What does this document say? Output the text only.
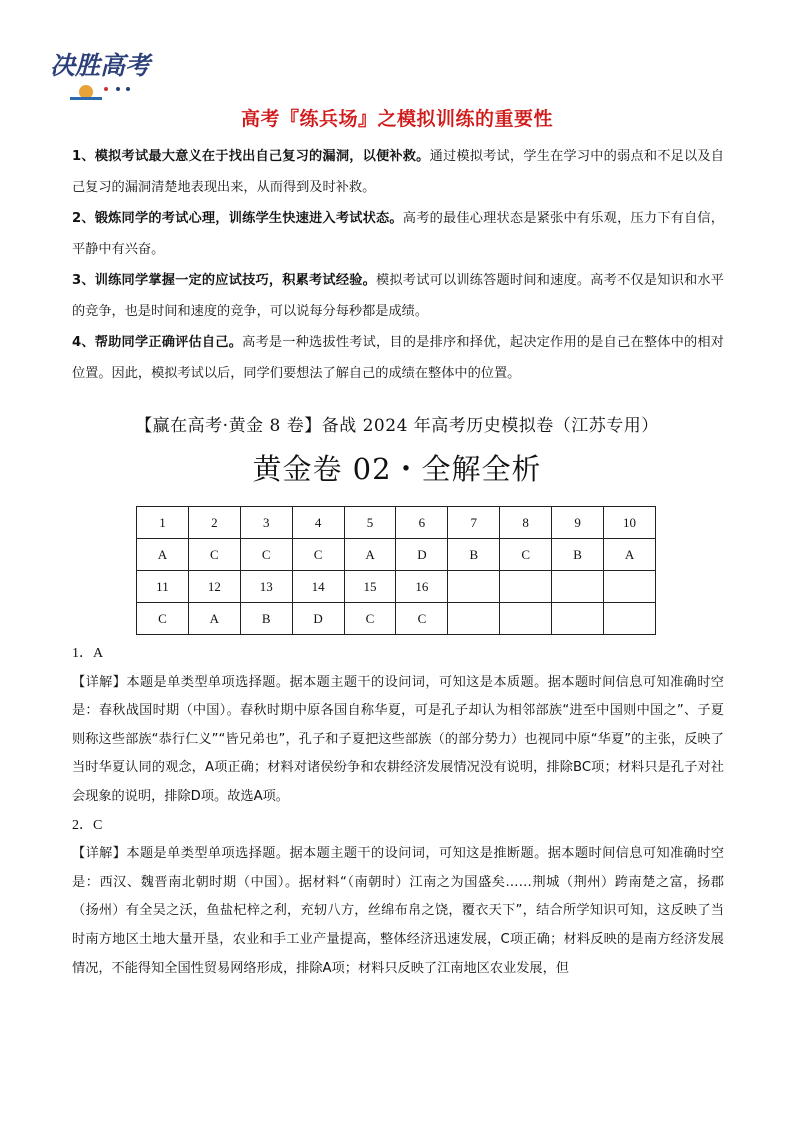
决胜高考
高考『练兵场』之模拟训练的重要性

1、模拟考试最大意义在于找出自己复习的漏洞，以便补救。通过模拟考试，学生在学习中的弱点和不足以及自己复习的漏洞清楚地表现出来，从而得到及时补救。

2、锻炼同学的考试心理，训练学生快速进入考试状态。高考的最佳心理状态是紧张中有乐观，压力下有自信，平静中有兴奋。

3、训练同学掌握一定的应试技巧，积累考试经验。模拟考试可以训练答题时间和速度。高考不仅是知识和水平的竞争，也是时间和速度的竞争，可以说每分每秒都是成绩。

4、帮助同学正确评估自己。高考是一种选拔性考试，目的是排序和择优，起决定作用的是自己在整体中的相对位置。因此，模拟考试以后，同学们要想法了解自己的成绩在整体中的位置。

【赢在高考·黄金 8 卷】备战 2024 年高考历史模拟卷（江苏专用）
黄金卷 02・全解全析
1	2	3	4	5	6	7	8	9	10
A	C	C	C	A	D	B	C	B	A
11	12	13	14	15	16				
C	A	B	D	C	C				

1．A

【详解】本题是单类型单项选择题。据本题主题干的设问词，可知这是本质题。据本题时间信息可知准确时空是：春秋战国时期（中国）。春秋时期中原各国自称华夏，可是孔子却认为相邻部族“进至中国则中国之”、子夏则称这些部族“恭行仁义”“皆兄弟也”，孔子和子夏把这些部族（的部分势力）也视同中原“华夏”的主张，反映了当时华夏认同的观念，A项正确；材料对诸侯纷争和农耕经济发展情况没有说明，排除BC项；材料只是孔子对社会现象的说明，排除D项。故选A项。

2．C

【详解】本题是单类型单项选择题。据本题主题干的设问词，可知这是推断题。据本题时间信息可知准确时空是：西汉、魏晋南北朝时期（中国）。据材料“（南朝时）江南之为国盛矣……荆城（荆州）跨南楚之富，扬郡（扬州）有全吴之沃，鱼盐杞梓之利，充轫八方，丝绵布帛之饶，覆衣天下”，结合所学知识可知，这反映了当时南方地区土地大量开垦，农业和手工业产量提高，整体经济迅速发展，C项正确；材料反映的是南方经济发展情况，不能得知全国性贸易网络形成，排除A项；材料只反映了江南地区农业发展，但
